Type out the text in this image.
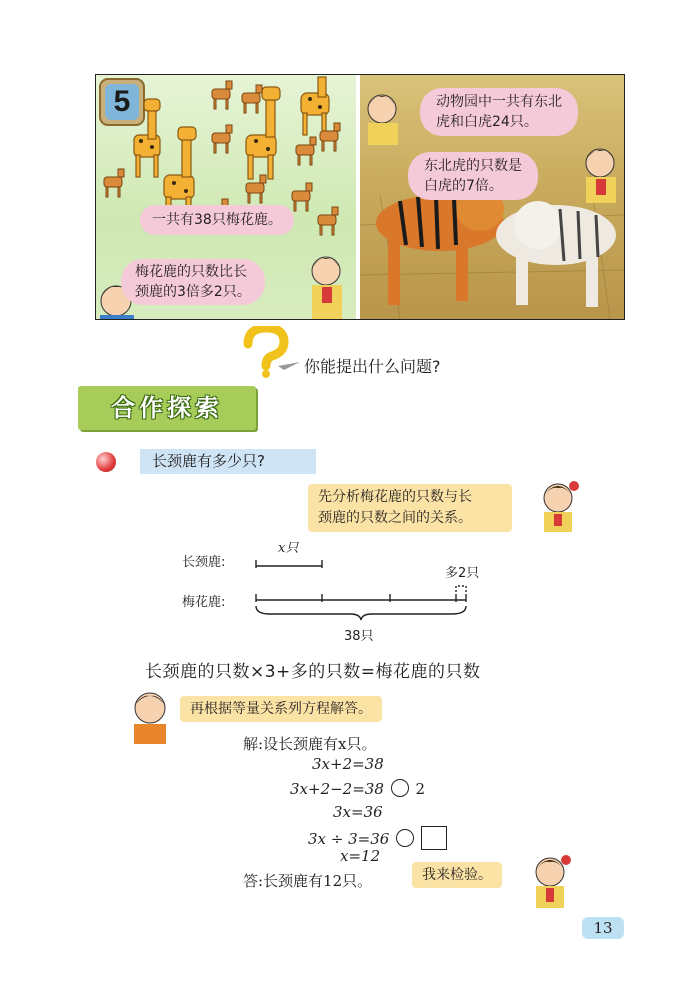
5
一共有38只梅花鹿。
梅花鹿的只数比长
颈鹿的3倍多2只。
动物园中一共有东北
虎和白虎24只。
东北虎的只数是
白虎的7倍。
你能提出什么问题?
合作探索
长颈鹿有多少只?
先分析梅花鹿的只数与长
颈鹿的只数之间的关系。
x只
长颈鹿:
多2只
梅花鹿:
38只
长颈鹿的只数×3+多的只数=梅花鹿的只数
再根据等量关系列方程解答。
解:设长颈鹿有x只。
3x+2=38
3x+2−2=38 2
3x=36
3x ÷ 3=36
x=12
答:长颈鹿有12只。	我来检验。
13
